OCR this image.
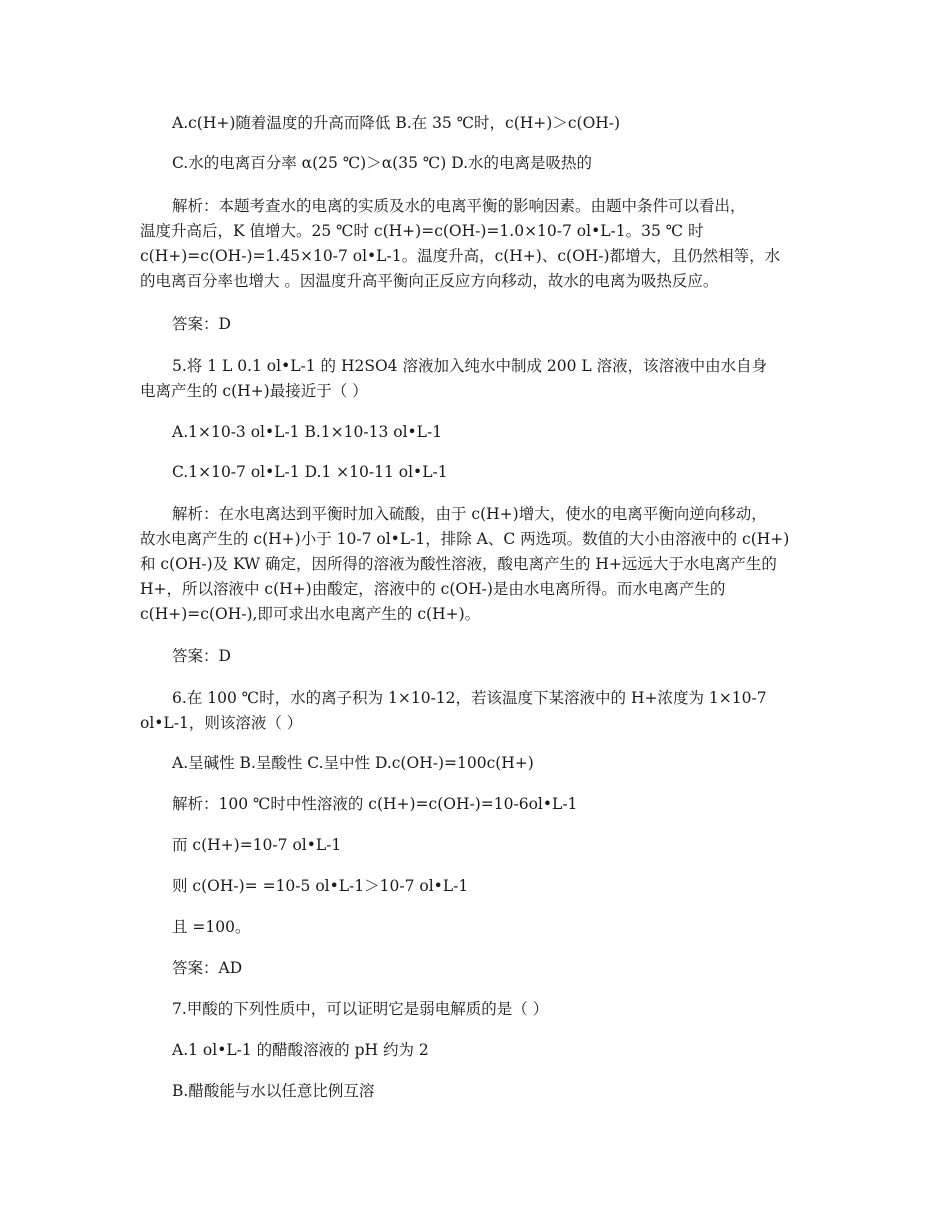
A.c(H+)随着温度的升高而降低 B.在 35 ℃时，c(H+)＞c(OH-)
C.水的电离百分率 α(25 ℃)＞α(35 ℃) D.水的电离是吸热的
解析：本题考查水的电离的实质及水的电离平衡的影响因素。由题中条件可以看出，
温度升高后，K 值增大。25 ℃时 c(H+)=c(OH-)=1.0×10-7 ol•L-1。35 ℃ 时
c(H+)=c(OH-)=1.45×10-7 ol•L-1。温度升高，c(H+)、c(OH-)都增大，且仍然相等，水
的电离百分率也增大 。因温度升高平衡向正反应方向移动，故水的电离为吸热反应。
答案：D
5.将 1 L 0.1 ol•L-1 的 H2SO4 溶液加入纯水中制成 200 L 溶液，该溶液中由水自身
电离产生的 c(H+)最接近于（ ）
A.1×10-3 ol•L-1 B.1×10-13 ol•L-1
C.1×10-7 ol•L-1 D.1 ×10-11 ol•L-1
解析：在水电离达到平衡时加入硫酸，由于 c(H+)增大，使水的电离平衡向逆向移动，
故水电离产生的 c(H+)小于 10-7 ol•L-1，排除 A、C 两选项。数值的大小由溶液中的 c(H+)
和 c(OH-)及 KW 确定，因所得的溶液为酸性溶液，酸电离产生的 H+远远大于水电离产生的
H+，所以溶液中 c(H+)由酸定，溶液中的 c(OH-)是由水电离所得。而水电离产生的
c(H+)=c(OH-),即可求出水电离产生的 c(H+)。
答案：D
6.在 100 ℃时，水的离子积为 1×10-12，若该温度下某溶液中的 H+浓度为 1×10-7
ol•L-1，则该溶液（ ）
A.呈碱性 B.呈酸性 C.呈中性 D.c(OH-)=100c(H+)
解析：100 ℃时中性溶液的 c(H+)=c(OH-)=10-6ol•L-1
而 c(H+)=10-7 ol•L-1
则 c(OH-)= =10-5 ol•L-1＞10-7 ol•L-1
且 =100。
答案：AD
7.甲酸的下列性质中，可以证明它是弱电解质的是（ ）
A.1 ol•L-1 的醋酸溶液的 pH 约为 2
B.醋酸能与水以任意比例互溶
